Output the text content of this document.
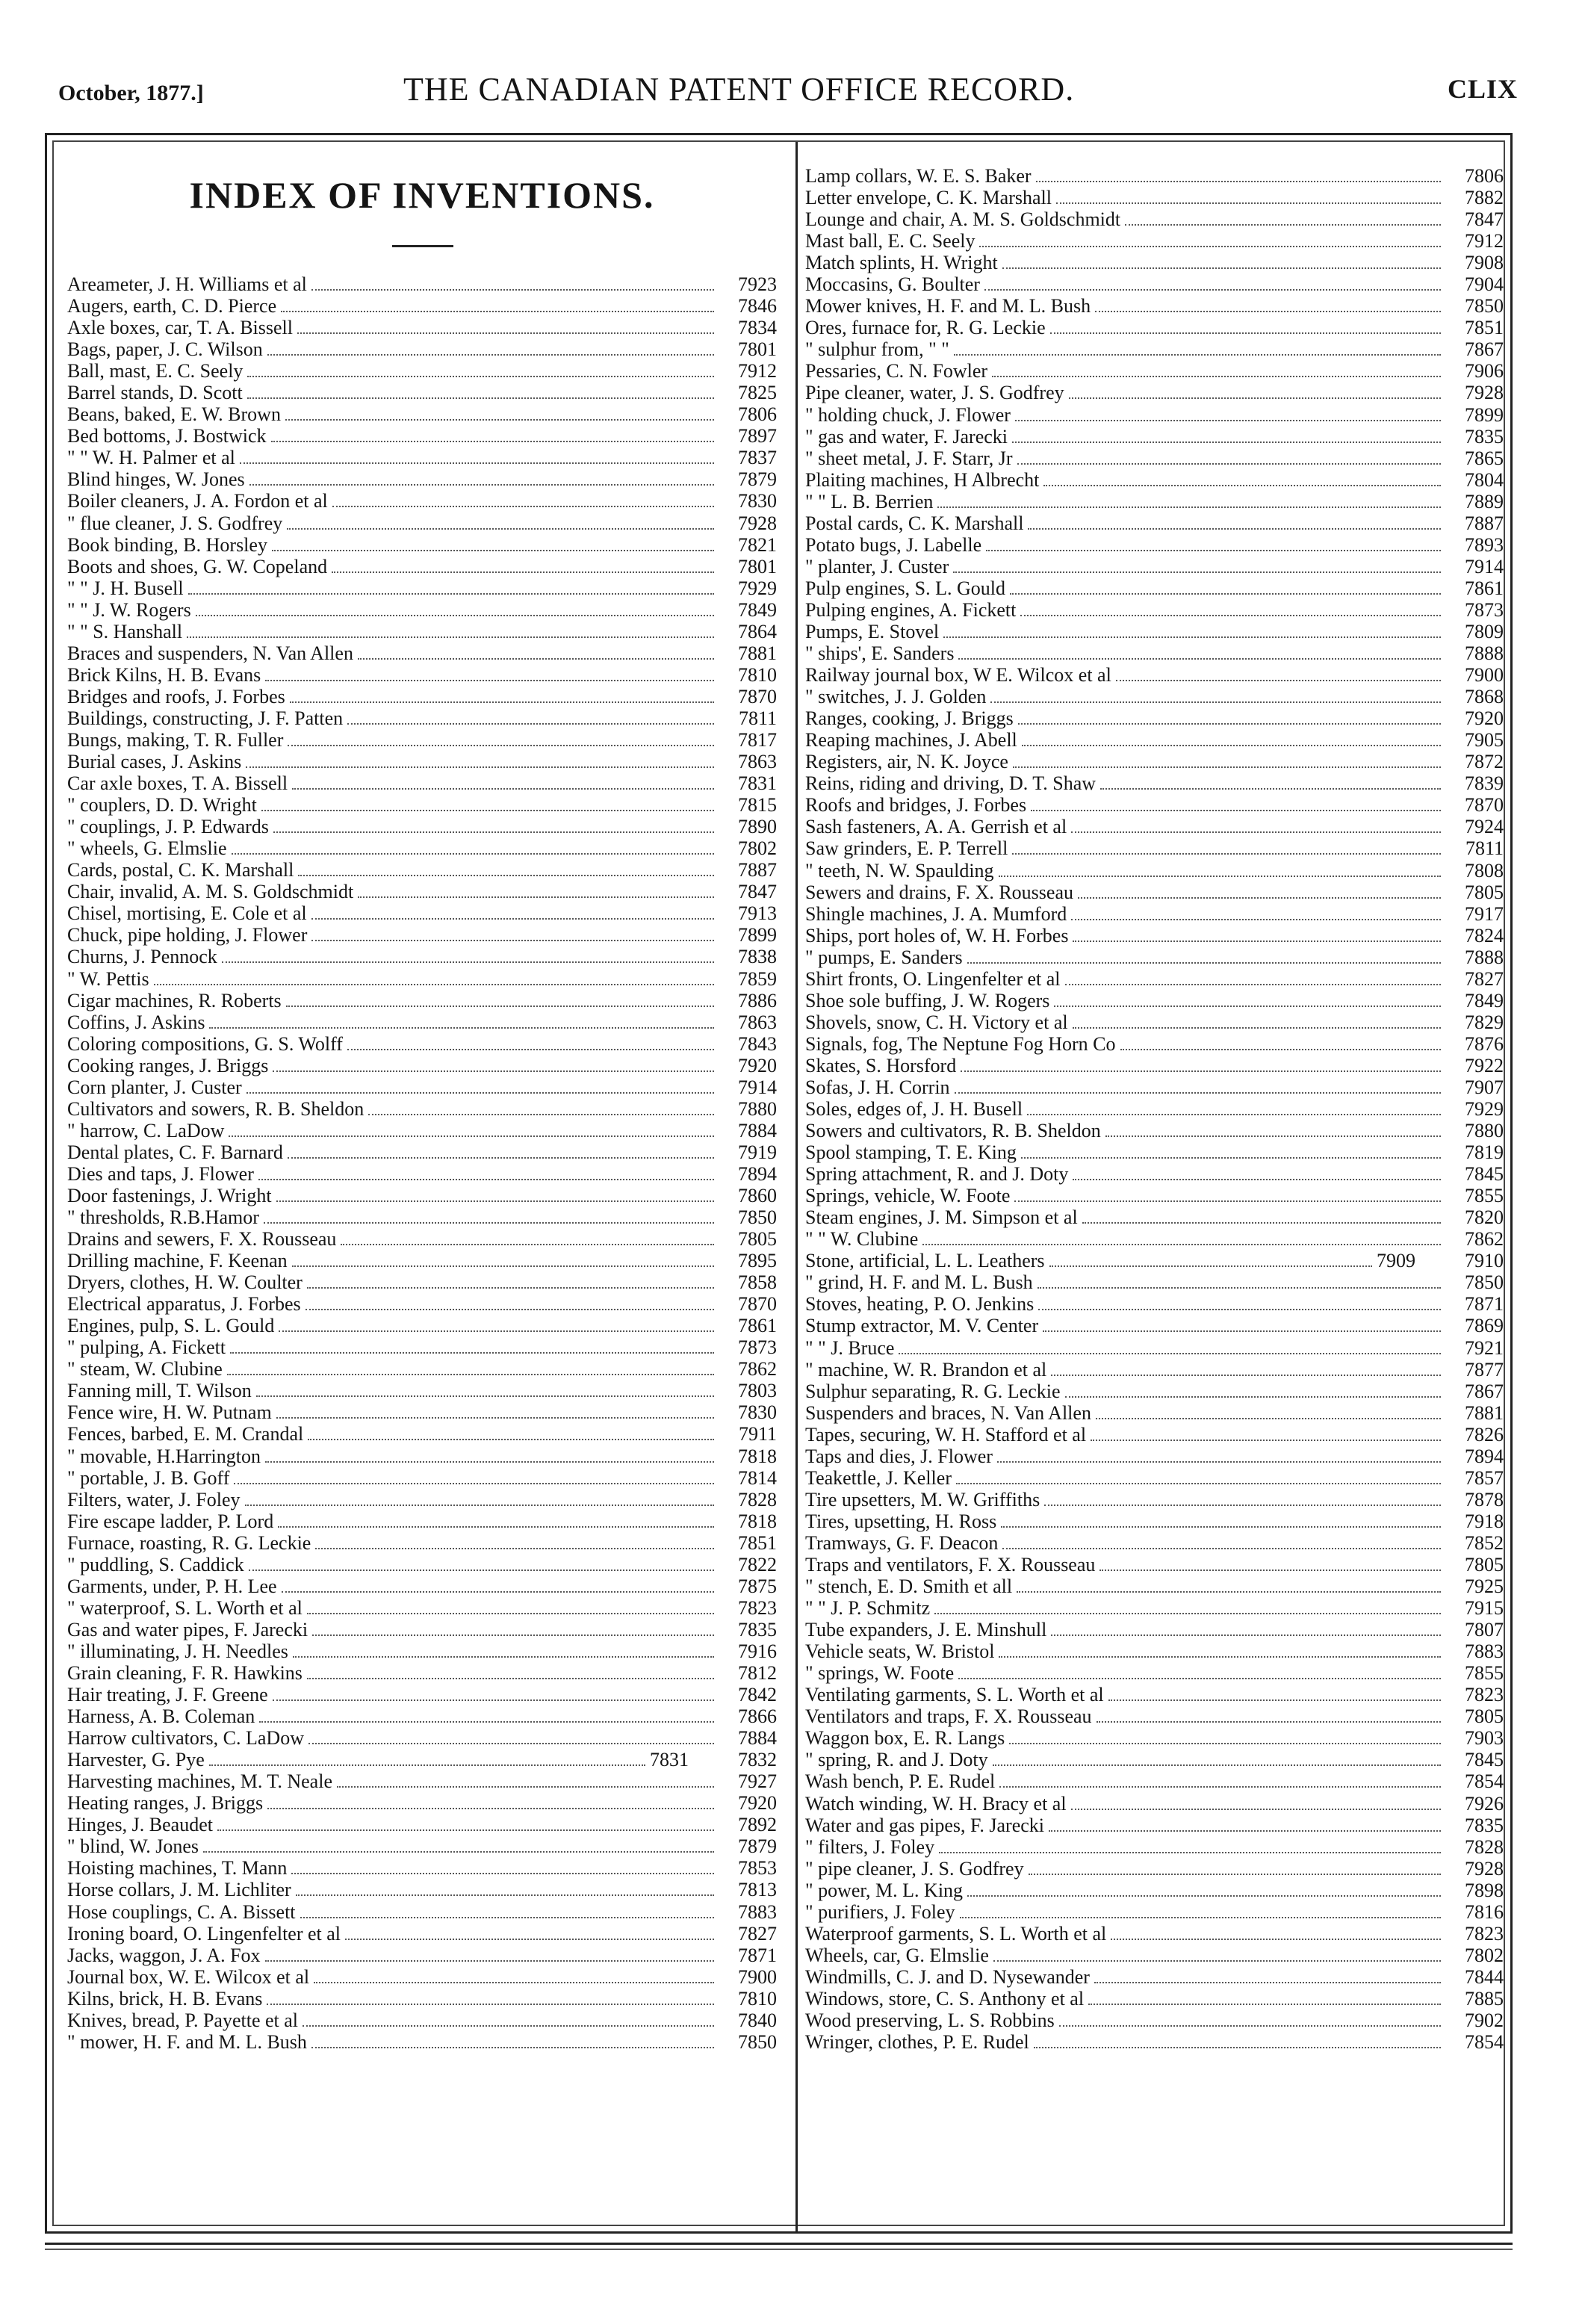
October, 1877.]	THE CANADIAN PATENT OFFICE RECORD.	CLIX
INDEX OF INVENTIONS.
Areameter, J. H. Williams et al	7923
Augers, earth, C. D. Pierce	7846
Axle boxes, car, T. A. Bissell	7834
Bags, paper, J. C. Wilson	7801
Ball, mast, E. C. Seely	7912
Barrel stands, D. Scott	7825
Beans, baked, E. W. Brown	7806
Bed bottoms, J. Bostwick	7897
" " W. H. Palmer et al	7837
Blind hinges, W. Jones	7879
Boiler cleaners, J. A. Fordon et al	7830
" flue cleaner, J. S. Godfrey	7928
Book binding, B. Horsley	7821
Boots and shoes, G. W. Copeland	7801
" " J. H. Busell	7929
" " J. W. Rogers	7849
" " S. Hanshall	7864
Braces and suspenders, N. Van Allen	7881
Brick Kilns, H. B. Evans	7810
Bridges and roofs, J. Forbes	7870
Buildings, constructing, J. F. Patten	7811
Bungs, making, T. R. Fuller	7817
Burial cases, J. Askins	7863
Car axle boxes, T. A. Bissell	7831
" couplers, D. D. Wright	7815
" couplings, J. P. Edwards	7890
" wheels, G. Elmslie	7802
Cards, postal, C. K. Marshall	7887
Chair, invalid, A. M. S. Goldschmidt	7847
Chisel, mortising, E. Cole et al	7913
Chuck, pipe holding, J. Flower	7899
Churns, J. Pennock	7838
" W. Pettis	7859
Cigar machines, R. Roberts	7886
Coffins, J. Askins	7863
Coloring compositions, G. S. Wolff	7843
Cooking ranges, J. Briggs	7920
Corn planter, J. Custer	7914
Cultivators and sowers, R. B. Sheldon	7880
" harrow, C. LaDow	7884
Dental plates, C. F. Barnard	7919
Dies and taps, J. Flower	7894
Door fastenings, J. Wright	7860
" thresholds, R.B.Hamor	7850
Drains and sewers, F. X. Rousseau	7805
Drilling machine, F. Keenan	7895
Dryers, clothes, H. W. Coulter	7858
Electrical apparatus, J. Forbes	7870
Engines, pulp, S. L. Gould	7861
" pulping, A. Fickett	7873
" steam, W. Clubine	7862
Fanning mill, T. Wilson	7803
Fence wire, H. W. Putnam	7830
Fences, barbed, E. M. Crandal	7911
" movable, H.Harrington	7818
" portable, J. B. Goff	7814
Filters, water, J. Foley	7828
Fire escape ladder, P. Lord	7818
Furnace, roasting, R. G. Leckie	7851
" puddling, S. Caddick	7822
Garments, under, P. H. Lee	7875
" waterproof, S. L. Worth et al	7823
Gas and water pipes, F. Jarecki	7835
" illuminating, J. H. Needles	7916
Grain cleaning, F. R. Hawkins	7812
Hair treating, J. F. Greene	7842
Harness, A. B. Coleman	7866
Harrow cultivators, C. LaDow	7884
Harvester, G. Pye	7831	7832
Harvesting machines, M. T. Neale	7927
Heating ranges, J. Briggs	7920
Hinges, J. Beaudet	7892
" blind, W. Jones	7879
Hoisting machines, T. Mann	7853
Horse collars, J. M. Lichliter	7813
Hose couplings, C. A. Bissett	7883
Ironing board, O. Lingenfelter et al	7827
Jacks, waggon, J. A. Fox	7871
Journal box, W. E. Wilcox et al	7900
Kilns, brick, H. B. Evans	7810
Knives, bread, P. Payette et al	7840
" mower, H. F. and M. L. Bush	7850
Lamp collars, W. E. S. Baker	7806
Letter envelope, C. K. Marshall	7882
Lounge and chair, A. M. S. Goldschmidt	7847
Mast ball, E. C. Seely	7912
Match splints, H. Wright	7908
Moccasins, G. Boulter	7904
Mower knives, H. F. and M. L. Bush	7850
Ores, furnace for, R. G. Leckie	7851
" sulphur from, " "	7867
Pessaries, C. N. Fowler	7906
Pipe cleaner, water, J. S. Godfrey	7928
" holding chuck, J. Flower	7899
" gas and water, F. Jarecki	7835
" sheet metal, J. F. Starr, Jr	7865
Plaiting machines, H Albrecht	7804
" " L. B. Berrien	7889
Postal cards, C. K. Marshall	7887
Potato bugs, J. Labelle	7893
" planter, J. Custer	7914
Pulp engines, S. L. Gould	7861
Pulping engines, A. Fickett	7873
Pumps, E. Stovel	7809
" ships', E. Sanders	7888
Railway journal box, W E. Wilcox et al	7900
" switches, J. J. Golden	7868
Ranges, cooking, J. Briggs	7920
Reaping machines, J. Abell	7905
Registers, air, N. K. Joyce	7872
Reins, riding and driving, D. T. Shaw	7839
Roofs and bridges, J. Forbes	7870
Sash fasteners, A. A. Gerrish et al	7924
Saw grinders, E. P. Terrell	7811
" teeth, N. W. Spaulding	7808
Sewers and drains, F. X. Rousseau	7805
Shingle machines, J. A. Mumford	7917
Ships, port holes of, W. H. Forbes	7824
" pumps, E. Sanders	7888
Shirt fronts, O. Lingenfelter et al	7827
Shoe sole buffing, J. W. Rogers	7849
Shovels, snow, C. H. Victory et al	7829
Signals, fog, The Neptune Fog Horn Co	7876
Skates, S. Horsford	7922
Sofas, J. H. Corrin	7907
Soles, edges of, J. H. Busell	7929
Sowers and cultivators, R. B. Sheldon	7880
Spool stamping, T. E. King	7819
Spring attachment, R. and J. Doty	7845
Springs, vehicle, W. Foote	7855
Steam engines, J. M. Simpson et al	7820
" " W. Clubine	7862
Stone, artificial, L. L. Leathers	7909	7910
" grind, H. F. and M. L. Bush	7850
Stoves, heating, P. O. Jenkins	7871
Stump extractor, M. V. Center	7869
" " J. Bruce	7921
" machine, W. R. Brandon et al	7877
Sulphur separating, R. G. Leckie	7867
Suspenders and braces, N. Van Allen	7881
Tapes, securing, W. H. Stafford et al	7826
Taps and dies, J. Flower	7894
Teakettle, J. Keller	7857
Tire upsetters, M. W. Griffiths	7878
Tires, upsetting, H. Ross	7918
Tramways, G. F. Deacon	7852
Traps and ventilators, F. X. Rousseau	7805
" stench, E. D. Smith et all	7925
" " J. P. Schmitz	7915
Tube expanders, J. E. Minshull	7807
Vehicle seats, W. Bristol	7883
" springs, W. Foote	7855
Ventilating garments, S. L. Worth et al	7823
Ventilators and traps, F. X. Rousseau	7805
Waggon box, E. R. Langs	7903
" spring, R. and J. Doty	7845
Wash bench, P. E. Rudel	7854
Watch winding, W. H. Bracy et al	7926
Water and gas pipes, F. Jarecki	7835
" filters, J. Foley	7828
" pipe cleaner, J. S. Godfrey	7928
" power, M. L. King	7898
" purifiers, J. Foley	7816
Waterproof garments, S. L. Worth et al	7823
Wheels, car, G. Elmslie	7802
Windmills, C. J. and D. Nysewander	7844
Windows, store, C. S. Anthony et al	7885
Wood preserving, L. S. Robbins	7902
Wringer, clothes, P. E. Rudel	7854
